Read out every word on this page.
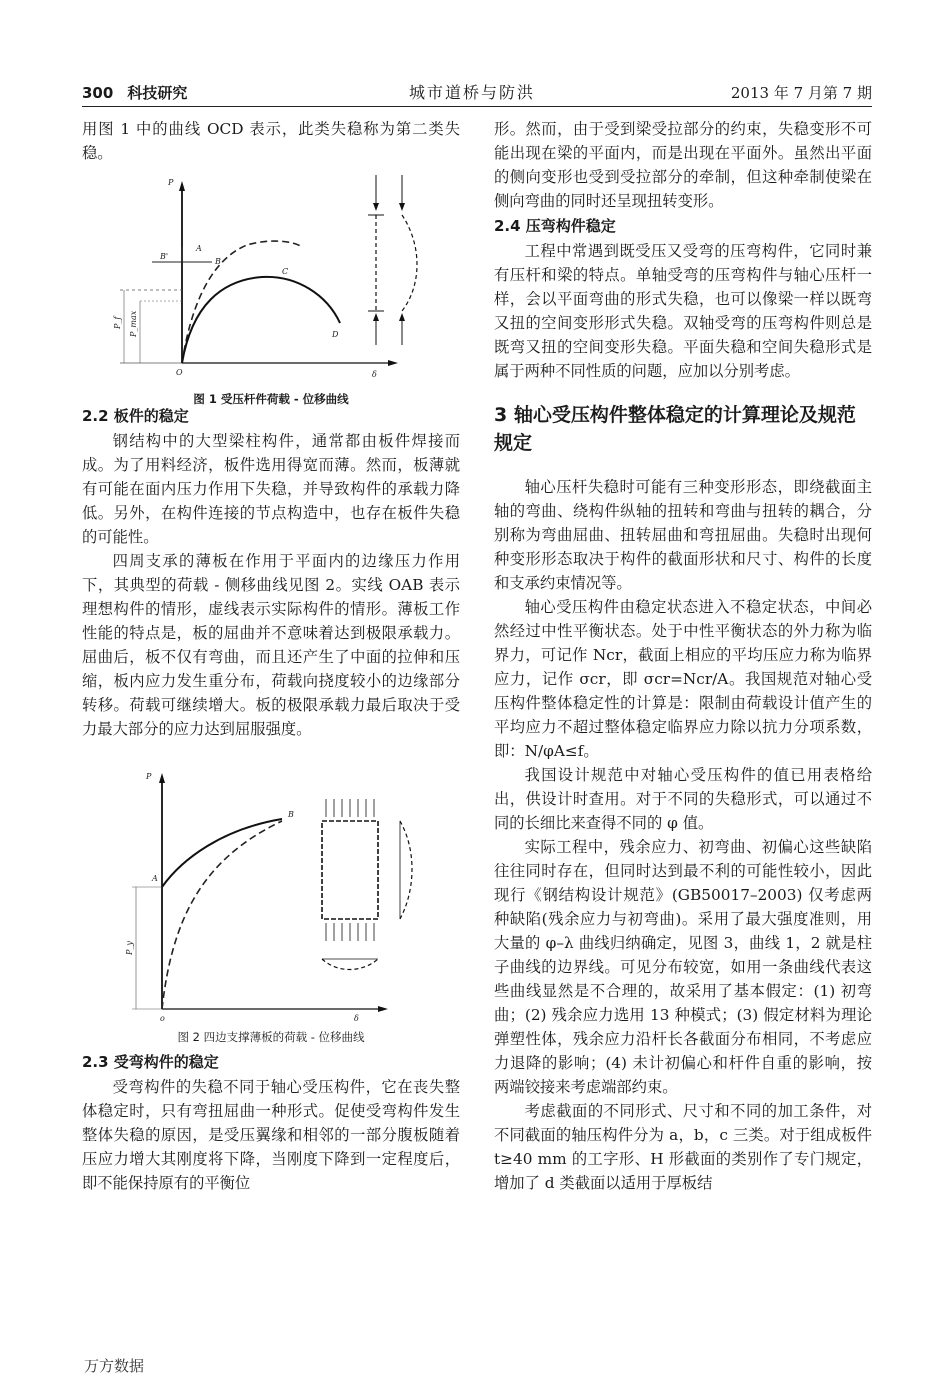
300 科技研究	城市道桥与防洪	2013 年 7 月第 7 期

用图 1 中的曲线 OCD 表示，此类失稳称为第二类失稳。

P
B'
A
B
C
D
O	δ
P_f P_max
图 1 受压杆件荷载 - 位移曲线
2.2 板件的稳定

钢结构中的大型梁柱构件，通常都由板件焊接而成。为了用料经济，板件选用得宽而薄。然而，板薄就有可能在面内压力作用下失稳，并导致构件的承载力降低。另外，在构件连接的节点构造中，也存在板件失稳的可能性。

四周支承的薄板在作用于平面内的边缘压力作用下，其典型的荷载 - 侧移曲线见图 2。实线 OAB 表示理想构件的情形，虚线表示实际构件的情形。薄板工作性能的特点是，板的屈曲并不意味着达到极限承载力。屈曲后，板不仅有弯曲，而且还产生了中面的拉伸和压缩，板内应力发生重分布，荷载向挠度较小的边缘部分转移。荷载可继续增大。板的极限承载力最后取决于受力最大部分的应力达到屈服强度。

P
A
B
o	δ
P_y
图 2 四边支撑薄板的荷载 - 位移曲线
2.3 受弯构件的稳定

受弯构件的失稳不同于轴心受压构件，它在丧失整体稳定时，只有弯扭屈曲一种形式。促使受弯构件发生整体失稳的原因，是受压翼缘和相邻的一部分腹板随着压应力增大其刚度将下降，当刚度下降到一定程度后，即不能保持原有的平衡位

形。然而，由于受到梁受拉部分的约束，失稳变形不可能出现在梁的平面内，而是出现在平面外。虽然出平面的侧向变形也受到受拉部分的牵制，但这种牵制使梁在侧向弯曲的同时还呈现扭转变形。

2.4 压弯构件稳定

工程中常遇到既受压又受弯的压弯构件，它同时兼有压杆和梁的特点。单轴受弯的压弯构件与轴心压杆一样，会以平面弯曲的形式失稳，也可以像梁一样以既弯又扭的空间变形形式失稳。双轴受弯的压弯构件则总是既弯又扭的空间变形失稳。平面失稳和空间失稳形式是属于两种不同性质的问题，应加以分别考虑。

3 轴心受压构件整体稳定的计算理论及规范规定

轴心压杆失稳时可能有三种变形形态，即绕截面主轴的弯曲、绕构件纵轴的扭转和弯曲与扭转的耦合，分别称为弯曲屈曲、扭转屈曲和弯扭屈曲。失稳时出现何种变形形态取决于构件的截面形状和尺寸、构件的长度和支承约束情况等。

轴心受压构件由稳定状态进入不稳定状态，中间必然经过中性平衡状态。处于中性平衡状态的外力称为临界力，可记作 Ncr，截面上相应的平均压应力称为临界应力，记作 σcr，即 σcr=Ncr/A。我国规范对轴心受压构件整体稳定性的计算是：限制由荷载设计值产生的平均应力不超过整体稳定临界应力除以抗力分项系数，即：N/φA≤f。

我国设计规范中对轴心受压构件的值已用表格给出，供设计时查用。对于不同的失稳形式，可以通过不同的长细比来查得不同的 φ 值。

实际工程中，残余应力、初弯曲、初偏心这些缺陷往往同时存在，但同时达到最不利的可能性较小，因此现行《钢结构设计规范》(GB50017–2003) 仅考虑两种缺陷(残余应力与初弯曲)。采用了最大强度准则，用大量的 φ–λ 曲线归纳确定，见图 3，曲线 1，2 就是柱子曲线的边界线。可见分布较宽，如用一条曲线代表这些曲线显然是不合理的，故采用了基本假定：(1) 初弯曲；(2) 残余应力选用 13 种模式；(3) 假定材料为理论弹塑性体，残余应力沿杆长各截面分布相同，不考虑应力退降的影响；(4) 未计初偏心和杆件自重的影响，按两端铰接来考虑端部约束。

考虑截面的不同形式、尺寸和不同的加工条件，对不同截面的轴压构件分为 a，b，c 三类。对于组成板件 t≥40 mm 的工字形、H 形截面的类别作了专门规定，增加了 d 类截面以适用于厚板结

万方数据
